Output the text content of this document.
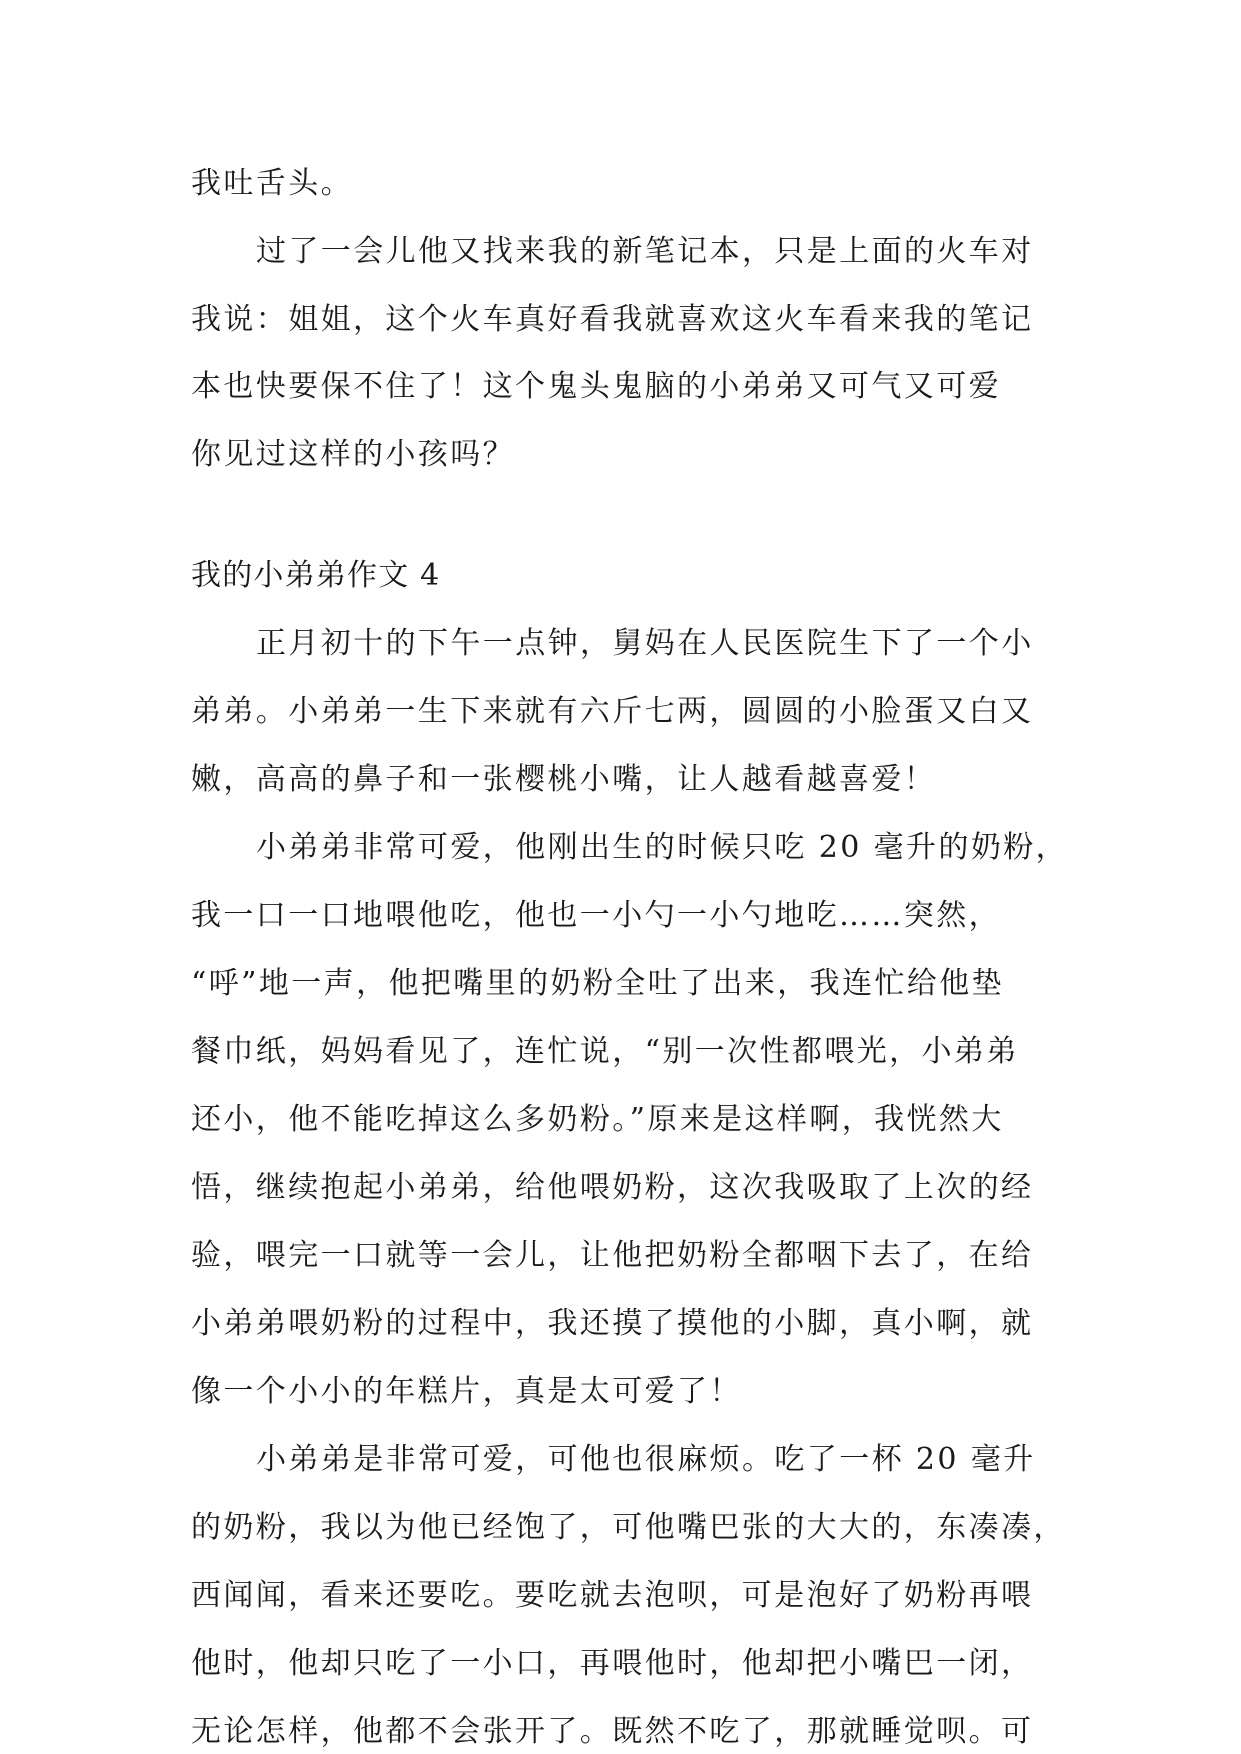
我吐舌头。
过了一会儿他又找来我的新笔记本，只是上面的火车对
我说：姐姐，这个火车真好看我就喜欢这火车看来我的笔记
本也快要保不住了！这个鬼头鬼脑的小弟弟又可气又可爱
你见过这样的小孩吗？
我的小弟弟作文 4
正月初十的下午一点钟，舅妈在人民医院生下了一个小
弟弟。小弟弟一生下来就有六斤七两，圆圆的小脸蛋又白又
嫩，高高的鼻子和一张樱桃小嘴，让人越看越喜爱！
小弟弟非常可爱，他刚出生的时候只吃 20 毫升的奶粉，
我一口一口地喂他吃，他也一小勺一小勺地吃……突然，
“呼”地一声，他把嘴里的奶粉全吐了出来，我连忙给他垫
餐巾纸，妈妈看见了，连忙说，“别一次性都喂光，小弟弟
还小，他不能吃掉这么多奶粉。”原来是这样啊，我恍然大
悟，继续抱起小弟弟，给他喂奶粉，这次我吸取了上次的经
验，喂完一口就等一会儿，让他把奶粉全都咽下去了，在给
小弟弟喂奶粉的过程中，我还摸了摸他的小脚，真小啊，就
像一个小小的年糕片，真是太可爱了！
小弟弟是非常可爱，可他也很麻烦。吃了一杯 20 毫升
的奶粉，我以为他已经饱了，可他嘴巴张的大大的，东凑凑，
西闻闻，看来还要吃。要吃就去泡呗，可是泡好了奶粉再喂
他时，他却只吃了一小口，再喂他时，他却把小嘴巴一闭，
无论怎样，他都不会张开了。既然不吃了，那就睡觉呗。可
